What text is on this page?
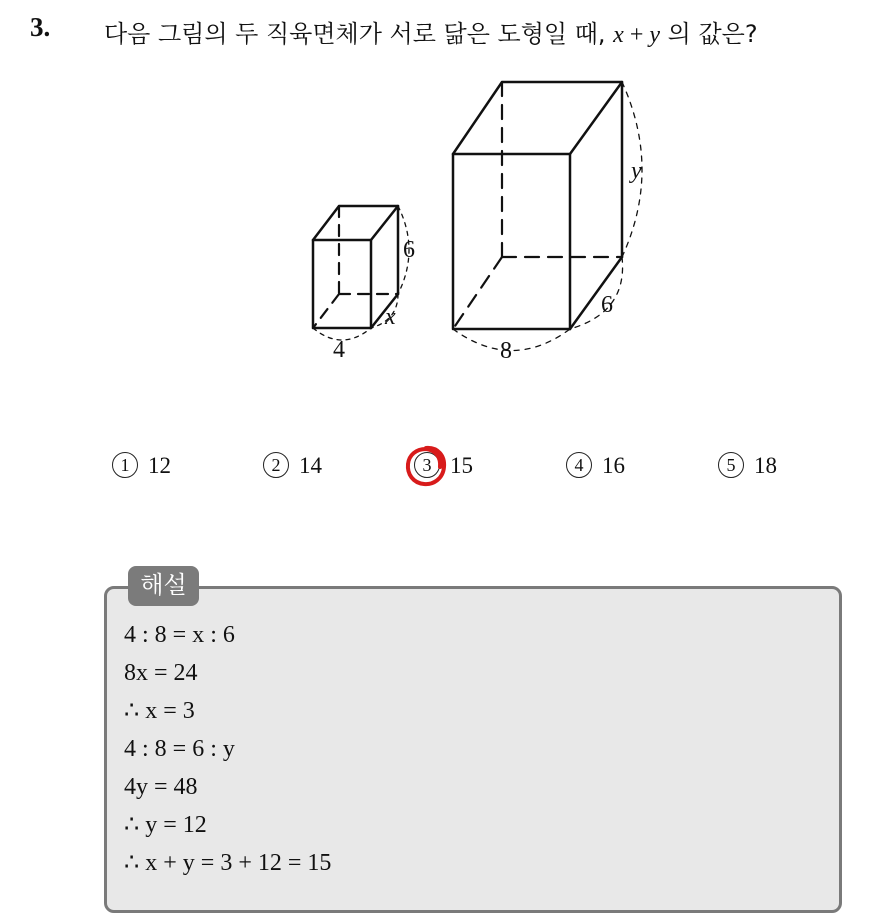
3. 다음 그림의 두 직육면체가 서로 닮은 도형일 때, x + y 의 값은?
6
x
4
y
6
8
1 12	2 14	3 15	4 16	5 18
해설
4 : 8 = x : 6
8x = 24
∴ x = 3
4 : 8 = 6 : y
4y = 48
∴ y = 12
∴ x + y = 3 + 12 = 15
